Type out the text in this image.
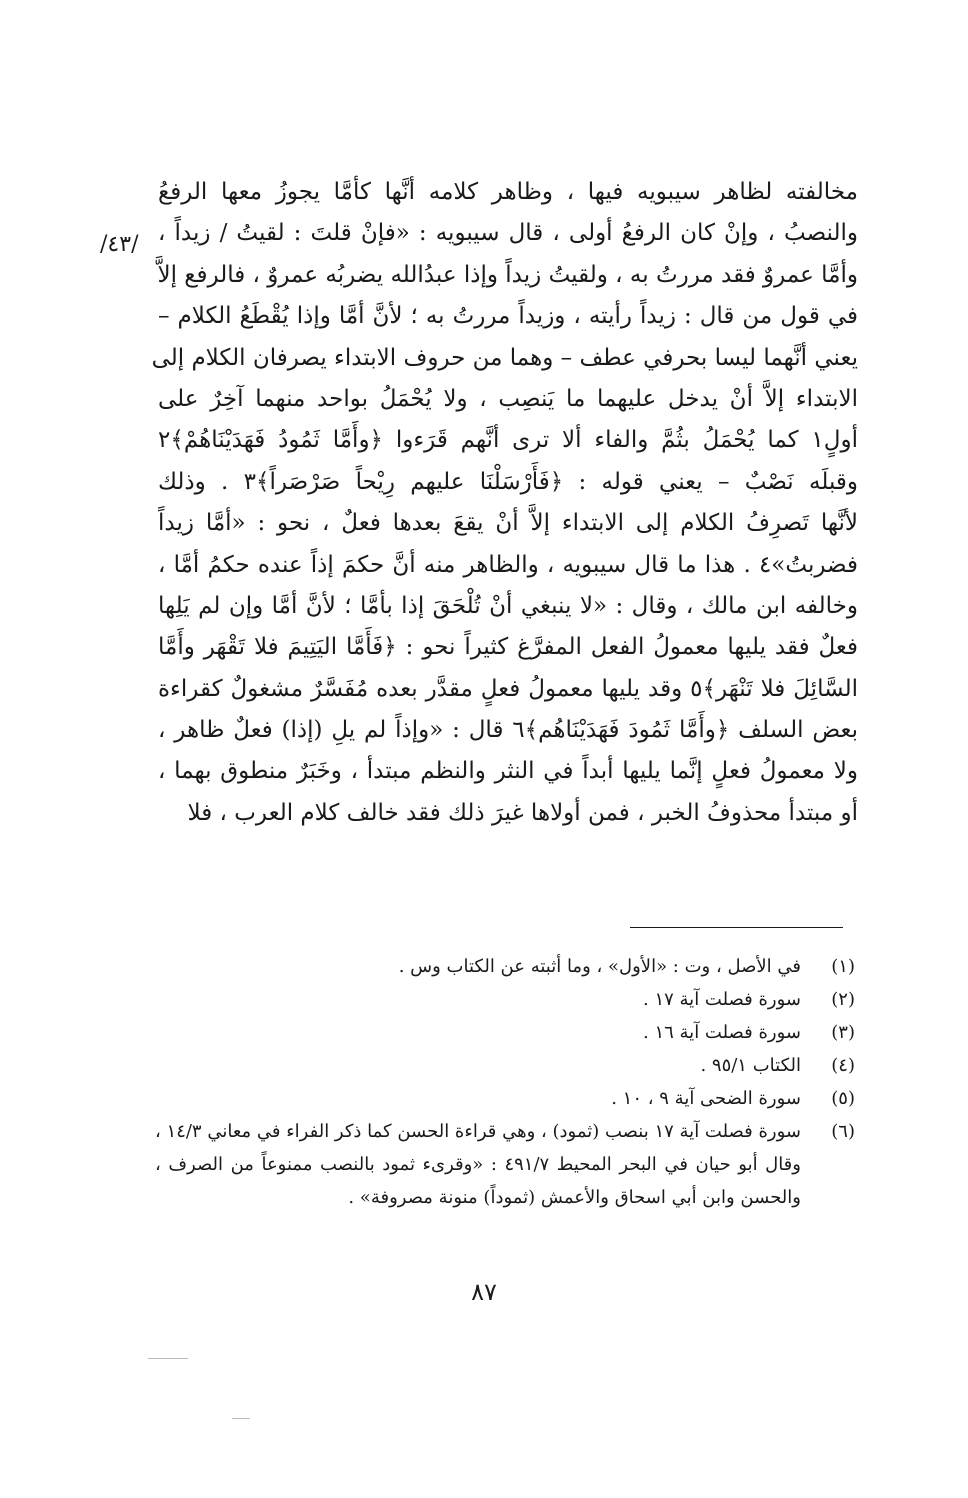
/٤٣/
مخالفته لظاهر سيبويه فيها ، وظاهر كلامه أنَّها كأمَّا يجوزُ معها الرفعُ
والنصبُ ، وإنْ كان الرفعُ أولى ، قال سيبويه : «فإنْ قلتَ : لقيتُ / زيداً ،
وأمَّا عمروٌ فقد مررتُ به ، ولقيتُ زيداً وإذا عبدُالله يضربُه عمروٌ ، فالرفع إلاَّ
في قول من قال : زيداً رأيته ، وزيداً مررتُ به ؛ لأنَّ أمَّا وإذا يُقْطَعُ الكلام –
يعني أنَّهما ليسا بحرفي عطف – وهما من حروف الابتداء يصرفان الكلام إلى
الابتداء إلاَّ أنْ يدخل عليهما ما يَنصِب ، ولا يُحْمَلُ بواحد منهما آخِرٌ على
أولٍ١ كما يُحْمَلُ بثُمَّ والفاء ألا ترى أنَّهم قَرَءوا ﴿وأَمَّا ثَمُودُ فَهَدَيْنَاهُمْ﴾٢
وقبلَه نَصْبٌ – يعني قوله : ﴿فَأَرْسَلْنَا عليهم رِيْحاً صَرْصَراً﴾٣ . وذلك
لأنَّها تَصرِفُ الكلام إلى الابتداء إلاَّ أنْ يقعَ بعدها فعلٌ ، نحو : «أمَّا زيداً
فضربتُ»٤ . هذا ما قال سيبويه ، والظاهر منه أنَّ حكمَ إذاً عنده حكمُ أمَّا ،
وخالفه ابن مالك ، وقال : «لا ينبغي أنْ تُلْحَقَ إذا بأمَّا ؛ لأنَّ أمَّا وإن لم يَلِها
فعلٌ فقد يليها معمولُ الفعل المفرَّغ كثيراً نحو : ﴿فَأَمَّا اليَتِيمَ فلا تَقْهَر وأَمَّا
السَّائِلَ فلا تَنْهَر﴾٥ وقد يليها معمولُ فعلٍ مقدَّر بعده مُفَسَّرٌ مشغولٌ كقراءة
بعض السلف ﴿وأَمَّا ثَمُودَ فَهَدَيْنَاهُم﴾٦ قال : «وإذاً لم يلِ (إذا) فعلٌ ظاهر ،
ولا معمولُ فعلٍ إنَّما يليها أبداً في النثر والنظم مبتدأ ، وخَبَرٌ منطوق بهما ،
أو مبتدأ محذوفُ الخبر ، فمن أولاها غيرَ ذلك فقد خالف كلام العرب ، فلا
(١)
في الأصل ، وت : «الأول» ، وما أثبته عن الكتاب وس .
(٢)
سورة فصلت آية ١٧ .
(٣)
سورة فصلت آية ١٦ .
(٤)
الكتاب ٩٥/١ .
(٥)
سورة الضحى آية ٩ ، ١٠ .
(٦)
سورة فصلت آية ١٧ بنصب (ثمود) ، وهي قراءة الحسن كما ذكر الفراء في معاني ١٤/٣ ،
وقال أبو حيان في البحر المحيط ٤٩١/٧ : «وقرىء ثمود بالنصب ممنوعاً من الصرف ،
والحسن وابن أبي اسحاق والأعمش (ثموداً) منونة مصروفة» .
٨٧
